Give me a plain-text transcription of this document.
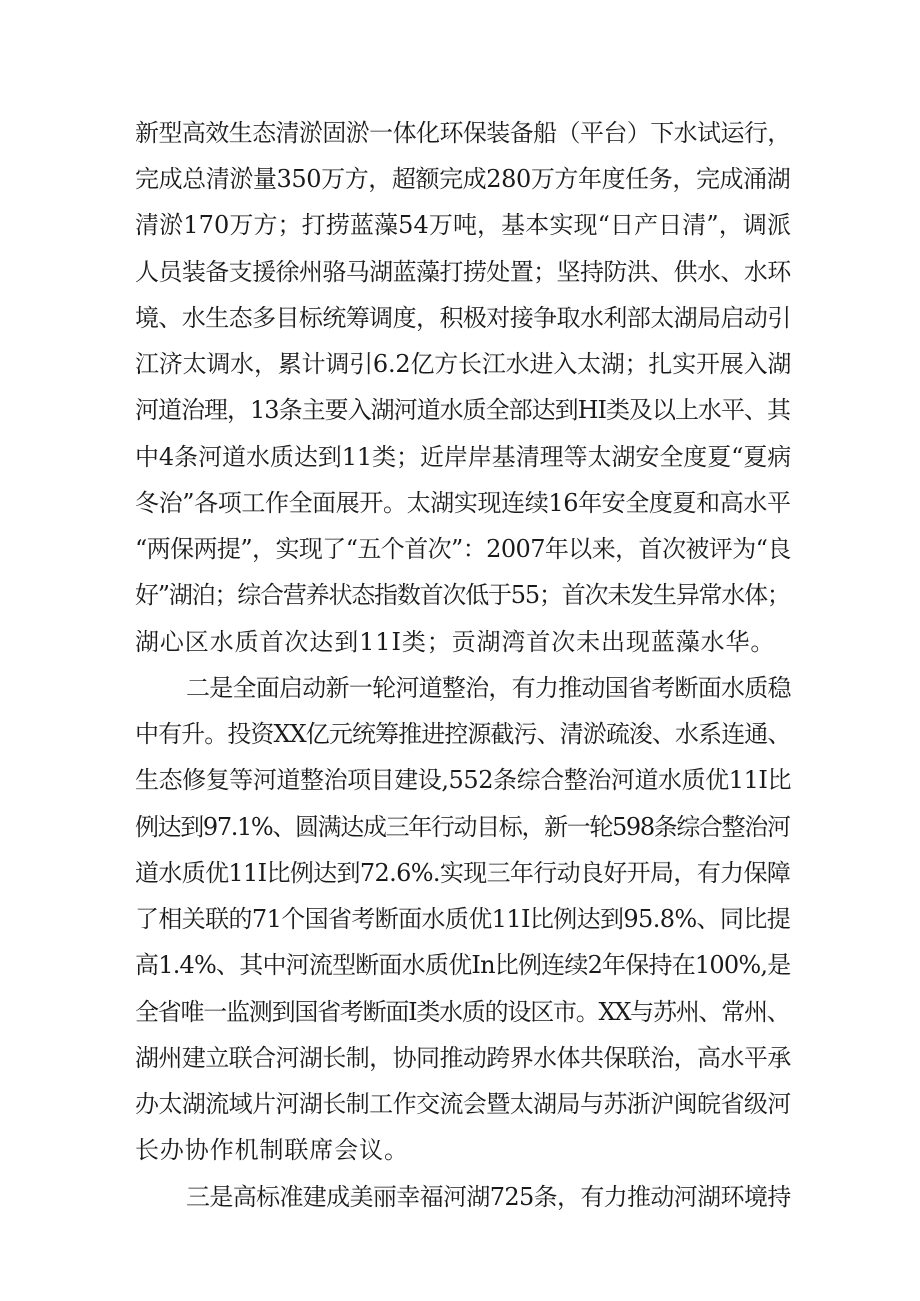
新型高效生态清淤固淤一体化环保装备船（平台）下水试运行，
完成总清淤量350万方，超额完成280万方年度任务，完成涌湖
清淤170万方；打捞蓝藻54万吨，基本实现“日产日清”，调派
人员装备支援徐州骆马湖蓝藻打捞处置；坚持防洪、供水、水环
境、水生态多目标统筹调度，积极对接争取水利部太湖局启动引
江济太调水，累计调引6.2亿方长江水进入太湖；扎实开展入湖
河道治理，13条主要入湖河道水质全部达到HI类及以上水平、其
中4条河道水质达到11类；近岸岸基清理等太湖安全度夏“夏病
冬治”各项工作全面展开。太湖实现连续16年安全度夏和高水平
“两保两提”，实现了“五个首次”：2007年以来，首次被评为“良
好”湖泊；综合营养状态指数首次低于55；首次未发生异常水体；
湖心区水质首次达到11I类；贡湖湾首次未出现蓝藻水华。
二是全面启动新一轮河道整治，有力推动国省考断面水质稳
中有升。投资XX亿元统筹推进控源截污、清淤疏浚、水系连通、
生态修复等河道整治项目建设,552条综合整治河道水质优11I比
例达到97.1%、圆满达成三年行动目标，新一轮598条综合整治河
道水质优11I比例达到72.6%.实现三年行动良好开局，有力保障
了相关联的71个国省考断面水质优11I比例达到95.8%、同比提
高1.4%、其中河流型断面水质优In比例连续2年保持在100%,是
全省唯一监测到国省考断面I类水质的设区市。XX与苏州、常州、
湖州建立联合河湖长制，协同推动跨界水体共保联治，高水平承
办太湖流域片河湖长制工作交流会暨太湖局与苏浙沪闽皖省级河
长办协作机制联席会议。
三是高标准建成美丽幸福河湖725条，有力推动河湖环境持
